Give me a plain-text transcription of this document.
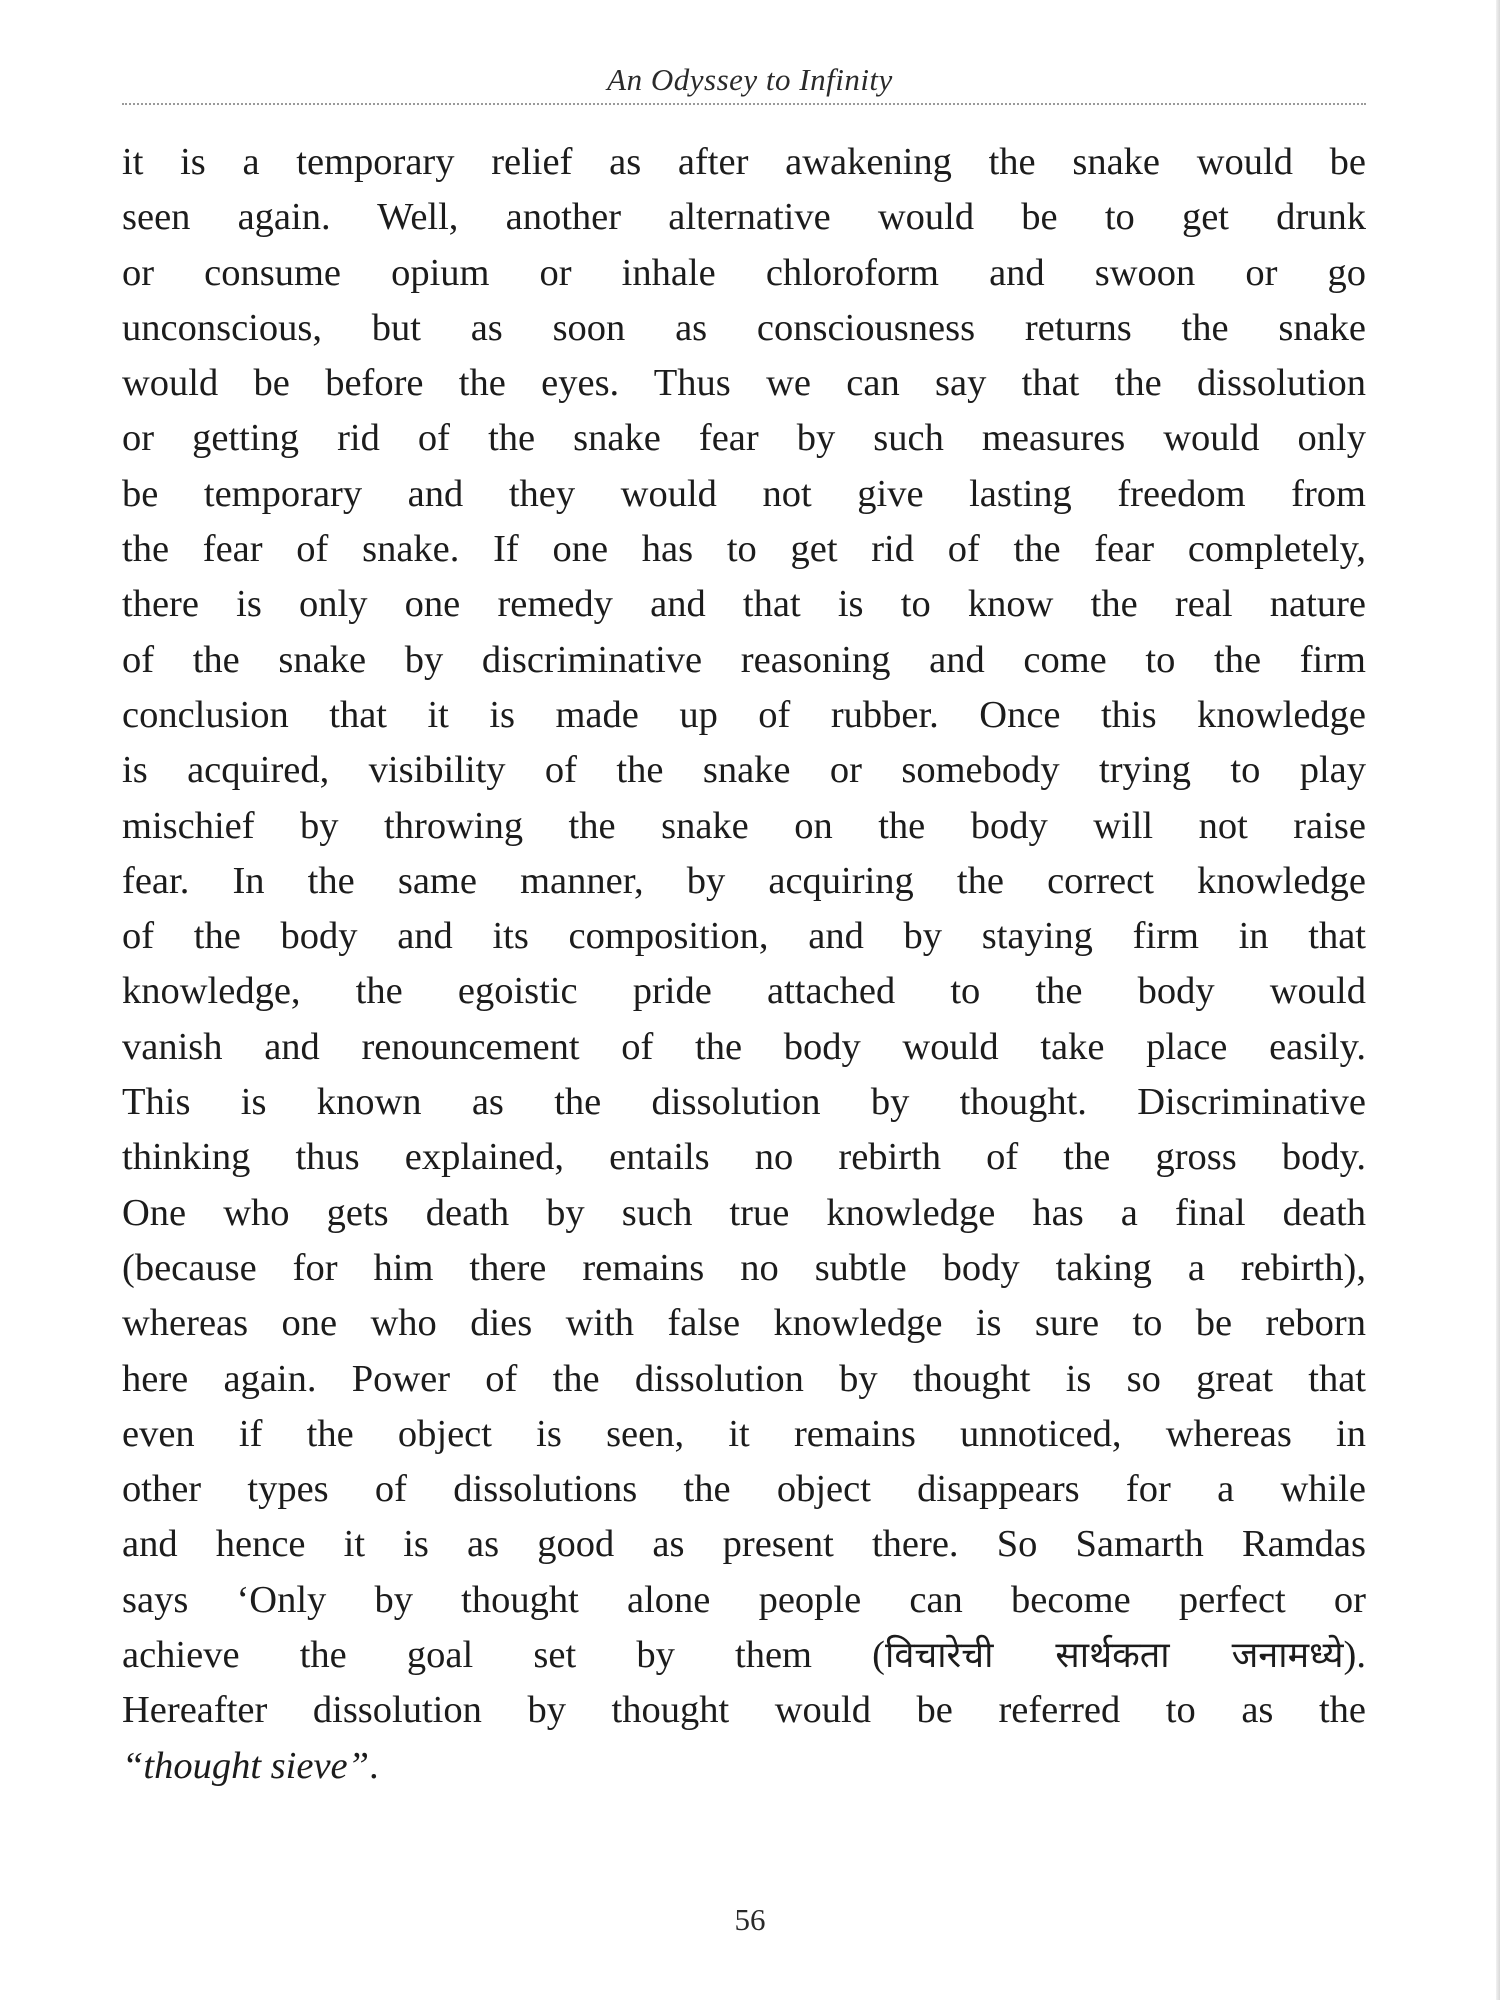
An Odyssey to Infinity
it is a temporary relief as after awakening the snake would be
seen again. Well, another alternative would be to get drunk
or consume opium or inhale chloroform and swoon or go
unconscious, but as soon as consciousness returns the snake
would be before the eyes. Thus we can say that the dissolution
or getting rid of the snake fear by such measures would only
be temporary and they would not give lasting freedom from
the fear of snake. If one has to get rid of the fear completely,
there is only one remedy and that is to know the real nature
of the snake by discriminative reasoning and come to the firm
conclusion that it is made up of rubber. Once this knowledge
is acquired, visibility of the snake or somebody trying to play
mischief by throwing the snake on the body will not raise
fear. In the same manner, by acquiring the correct knowledge
of the body and its composition, and by staying firm in that
knowledge, the egoistic pride attached to the body would
vanish and renouncement of the body would take place easily.
This is known as the dissolution by thought. Discriminative
thinking thus explained, entails no rebirth of the gross body.
One who gets death by such true knowledge has a final death
(because for him there remains no subtle body taking a rebirth),
whereas one who dies with false knowledge is sure to be reborn
here again. Power of the dissolution by thought is so great that
even if the object is seen, it remains unnoticed, whereas in
other types of dissolutions the object disappears for a while
and hence it is as good as present there. So Samarth Ramdas
says ‘Only by thought alone people can become perfect or
achieve the goal set by them (विचारेची सार्थकता जनामध्ये).
Hereafter dissolution by thought would be referred to as the
“thought sieve”.
56
